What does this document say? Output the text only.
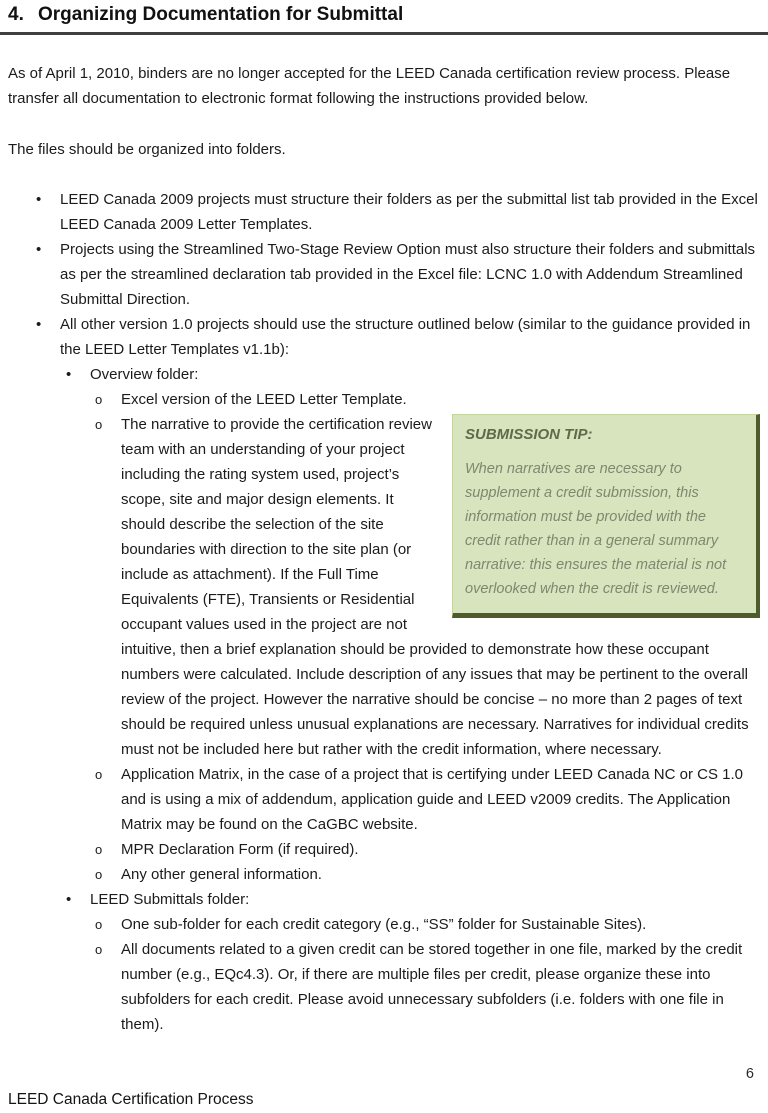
4. Organizing Documentation for Submittal

As of April 1, 2010, binders are no longer accepted for the LEED Canada certification review process. Please transfer all documentation to electronic format following the instructions provided below.

The files should be organized into folders.

•	LEED Canada 2009 projects must structure their folders as per the submittal list tab provided in the Excel LEED Canada 2009 Letter Templates.
•	Projects using the Streamlined Two-Stage Review Option must also structure their folders and submittals as per the streamlined declaration tab provided in the Excel file: LCNC 1.0 with Addendum Streamlined Submittal Direction.
•	All other version 1.0 projects should use the structure outlined below (similar to the guidance provided in the LEED Letter Templates v1.1b):
•	Overview folder:
o	Excel version of the LEED Letter Template.
o
SUBMISSION TIP:
When narratives are necessary to supplement a credit submission, this information must be provided with the credit rather than in a general summary narrative: this ensures the material is not overlooked when the credit is reviewed.
The narrative to provide the certification review team with an understanding of your project including the rating system used, project’s scope, site and major design elements. It should describe the selection of the site boundaries with direction to the site plan (or include as attachment). If the Full Time Equivalents (FTE), Transients or Residential occupant values used in the project are not intuitive, then a brief explanation should be provided to demonstrate how these occupant numbers were calculated. Include description of any issues that may be pertinent to the overall review of the project. However the narrative should be concise – no more than 2 pages of text should be required unless unusual explanations are necessary. Narratives for individual credits must not be included here but rather with the credit information, where necessary.
o	Application Matrix, in the case of a project that is certifying under LEED Canada NC or CS 1.0 and is using a mix of addendum, application guide and LEED v2009 credits. The Application Matrix may be found on the CaGBC website.
o	MPR Declaration Form (if required).
o	Any other general information.
•	LEED Submittals folder:
o	One sub-folder for each credit category (e.g., “SS” folder for Sustainable Sites).
o	All documents related to a given credit can be stored together in one file, marked by the credit number (e.g., EQc4.3). Or, if there are multiple files per credit, please organize these into subfolders for each credit. Please avoid unnecessary subfolders (i.e. folders with one file in them).
LEED Canada Certification Process
6
